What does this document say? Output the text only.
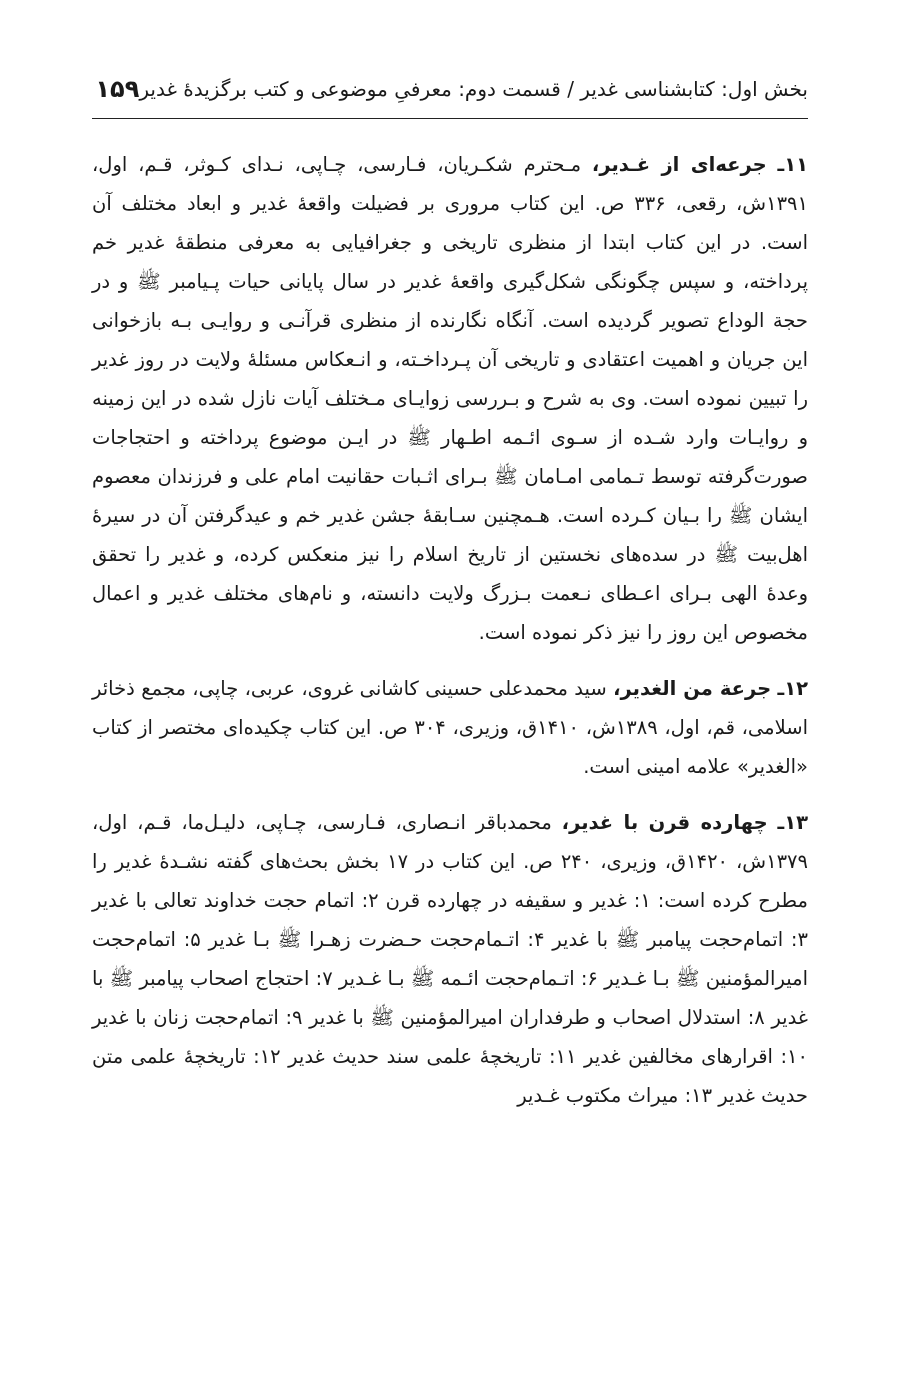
بخش اول: کتابشناسی غدیر / قسمت دوم: معرفیِ موضوعی و کتب برگزیدهٔ غدیر
۱۵۹

۱۱ـ جرعه‌ای از غـدیر، مـحترم شکـریان، فـارسی، چـاپی، نـدای کـوثر، قـم، اول، ۱۳۹۱ش، رقعی، ۳۳۶ ص. این کتاب مروری بر فضیلت واقعهٔ غدیر و ابعاد مختلف آن است. در این کتاب ابتدا از منظری تاریخی و جغرافیایی به معرفی منطقهٔ غدیر خم پرداخته، و سپس چگونگی شکل‌گیری واقعهٔ غدیر در سال پایانی حیات پـیامبر ﷺ و در حجة الوداع تصویر گردیده است. آنگاه نگارنده از منظری قرآنـی و روایـی بـه بازخوانی این جریان و اهمیت اعتقادی و تاریخی آن پـرداخـته، و انـعکاس مسئلهٔ ولایت در روز غدیر را تبیین نموده است. وی به شرح و بـررسی زوایـای مـختلف آیات نازل شده در این زمینه و روایـات وارد شـده از سـوی ائـمه اطـهار ﷺ در ایـن موضوع پرداخته و احتجاجات صورت‌گرفته توسط تـمامی امـامان ﷺ بـرای اثـبات حقانیت امام علی و فرزندان معصوم ایشان ﷺ را بـیان کـرده است. هـمچنین سـابقهٔ جشن غدیر خم و عیدگرفتن آن در سیرهٔ اهل‌بیت ﷺ در سده‌های نخستین از تاریخ اسلام را نیز منعکس کرده، و غدیر را تحقق وعدهٔ الهی بـرای اعـطای نـعمت بـزرگ ولایت دانسته، و نام‌های مختلف غدیر و اعمال مخصوص این روز را نیز ذکر نموده است.

۱۲ـ جرعة من الغدیر، سید محمدعلی حسینی کاشانی غروی، عربی، چاپی، مجمع ذخائر اسلامی، قم، اول، ۱۳۸۹ش، ۱۴۱۰ق، وزیری، ۳۰۴ ص. این کتاب چکیده‌ای مختصر از کتاب «الغدیر» علامه امینی است.

۱۳ـ چهارده قرن با غدیر، محمدباقر انـصاری، فـارسی، چـاپی، دلیـل‌ما، قـم، اول، ۱۳۷۹ش، ۱۴۲۰ق، وزیری، ۲۴۰ ص. این کتاب در ۱۷ بخش بحث‌های گفته نشـدهٔ غدیر را مطرح کرده است: ۱: غدیر و سقیفه در چهارده قرن ۲: اتمام حجت خداوند تعالی با غدیر ۳: اتمام‌حجت پیامبر ﷺ با غدیر ۴: اتـمام‌حجت حـضرت زهـرا ﷺ بـا غدیر ۵: اتمام‌حجت امیرالمؤمنین ﷺ بـا غـدیر ۶: اتـمام‌حجت ائـمه ﷺ بـا غـدیر ۷: احتجاج اصحاب پیامبر ﷺ با غدیر ۸: استدلال اصحاب و طرفداران امیرالمؤمنین ﷺ با غدیر ۹: اتمام‌حجت زنان با غدیر ۱۰: اقرارهای مخالفین غدیر ۱۱: تاریخچهٔ علمی سند حدیث غدیر ۱۲: تاریخچهٔ علمی متن حدیث غدیر ۱۳: میراث مکتوب غـدیر
